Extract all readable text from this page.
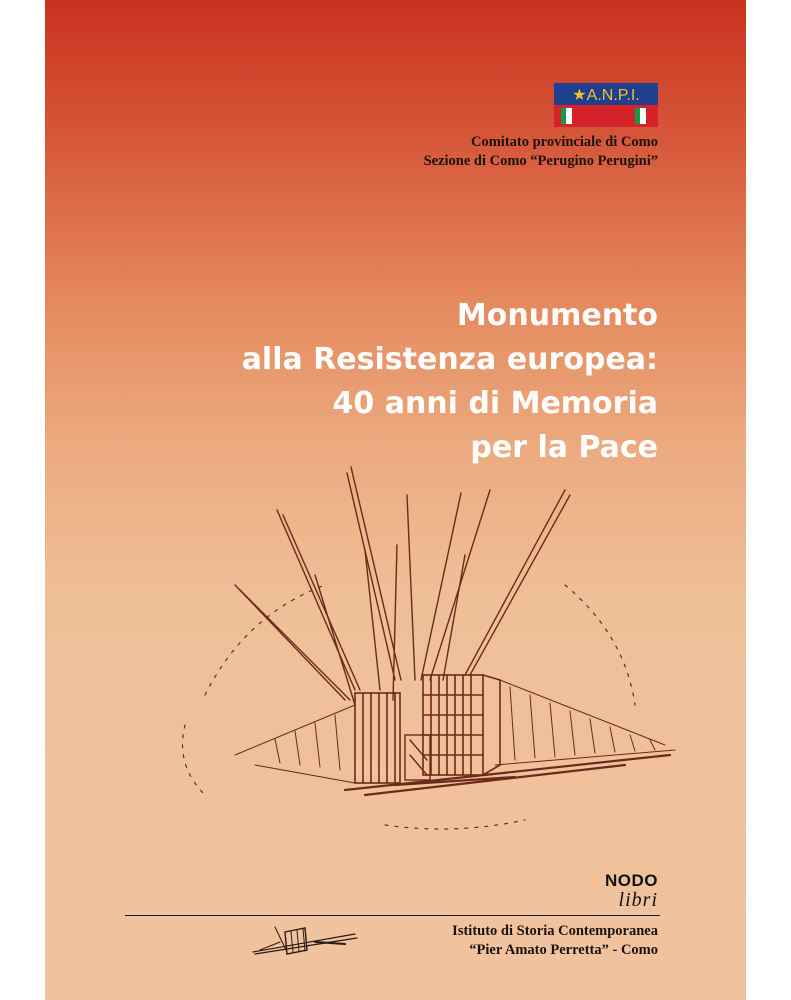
★A.N.P.I.
Comitato provinciale di Como
Sezione di Como “Perugino Perugini”
Monumento
alla Resistenza europea:
40 anni di Memoria
per la Pace
NODO
libri
Istituto di Storia Contemporanea
“Pier Amato Perretta” - Como
